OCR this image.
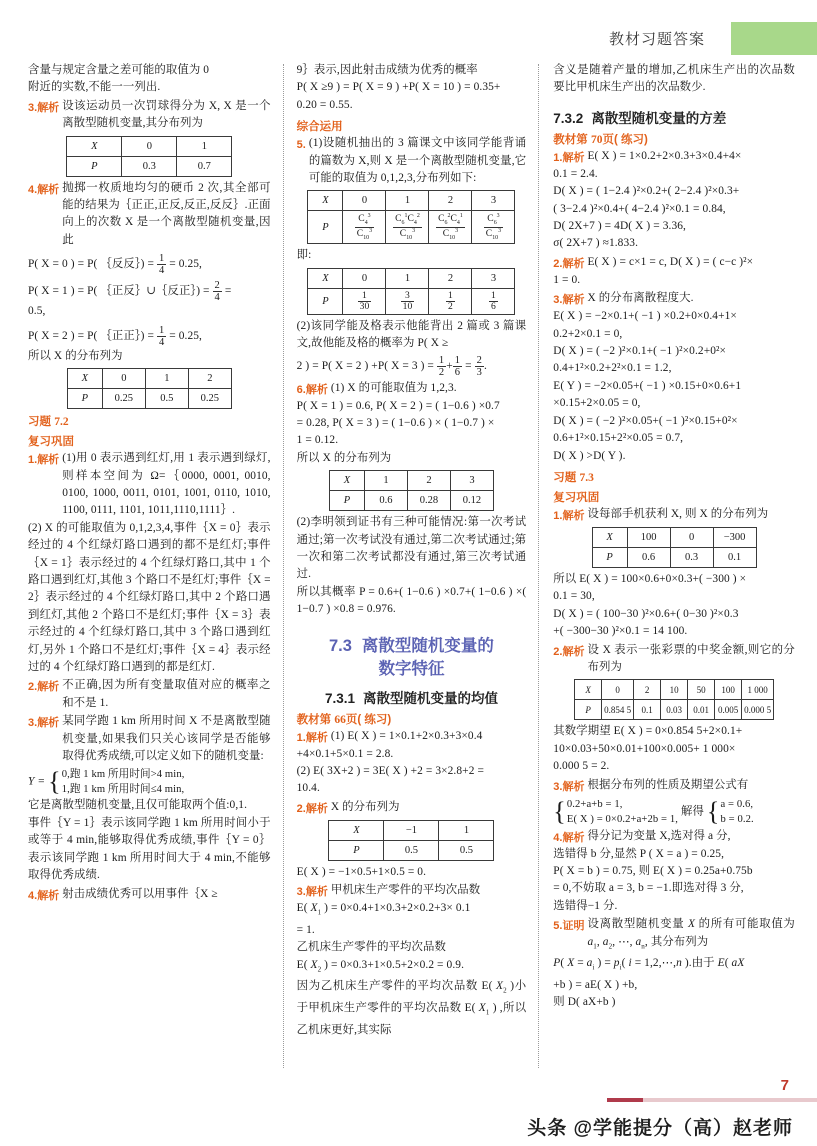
教材习题答案

含量与规定含量之差可能的取值为 0
附近的实数,不能一一列出.

3.解析 设该运动员一次罚球得分为 X, X 是一个离散型随机变量,其分布列为
X	0	1
P	0.3	0.7
4.解析 抛掷一枚质地均匀的硬币 2 次,其全部可能的结果为｛正正,正反,反正,反反｝.正面向上的次数 X 是一个离散型随机变量,因此

P( X = 0 ) = P( ｛反反｝) = $\frac{1}{4} = 0.25$,

P( X = 1 ) = P( ｛正反｝∪｛反正｝) = $\frac{2}{4}$ =

0.5,

P( X = 2 ) = P( ｛正正｝) = $\frac{1}{4} = 0.25$,

所以 X 的分布列为

X	0	1	2
P	0.25	0.5	0.25
习题 7.2
复习巩固
1.解析 (1)用 0 表示遇到红灯,用 1 表示遇到绿灯,则样本空间为 Ω=｛0000, 0001, 0010, 0100, 1000, 0011, 0101, 1001, 0110, 1010, 1100, 0111, 1101, 1011,1110,1111｝.

(2) X 的可能取值为 0,1,2,3,4,事件｛X = 0｝表示经过的 4 个红绿灯路口遇到的都不是红灯;事件｛X = 1｝表示经过的 4 个红绿灯路口,其中 1 个路口遇到红灯,其他 3 个路口不是红灯;事件｛X = 2｝表示经过的 4 个红绿灯路口,其中 2 个路口遇到红灯,其他 2 个路口不是红灯;事件｛X = 3｝表示经过的 4 个红绿灯路口,其中 3 个路口遇到红灯,另外 1 个路口不是红灯;事件｛X = 4｝表示经过的 4 个红绿灯路口遇到的都是红灯.

2.解析 不正确,因为所有变量取值对应的概率之和不是 1.
3.解析 某同学跑 1 km 所用时间 X 不是离散型随机变量,如果我们只关心该同学是否能够取得优秀成绩,可以定义如下的随机变量:

Y = { 0,跑 1 km 所用时间>4 min,
1,跑 1 km 所用时间≤4 min,

它是离散型随机变量,且仅可能取两个值:0,1.

事件｛Y = 1｝表示该同学跑 1 km 所用时间小于或等于 4 min,能够取得优秀成绩,事件｛Y = 0｝表示该同学跑 1 km 所用时间大于 4 min,不能够取得优秀成绩.

4.解析 射击成绩优秀可以用事件｛X ≥

9｝表示,因此射击成绩为优秀的概率
P( X ≥9 ) = P( X = 9 ) +P( X = 10 ) = 0.35+
0.20 = 0.55.

综合运用
5. (1)设随机抽出的 3 篇课文中该同学能背诵的篇数为 X,则 X 是一个离散型随机变量,它可能的取值为 0,1,2,3,分布列如下:
X	0	1	2	3
P	$\frac{C_4^3}{C_{10}^3}$	$\frac{C_6^1C_4^2}{C_{10}^3}$	$\frac{C_6^2C_4^1}{C_{10}^3}$	$\frac{C_6^3}{C_{10}^3}$

即:

X	0	1	2	3
P	$\frac{1}{30}$	$\frac{3}{10}$	$\frac{1}{2}$	$\frac{1}{6}$

(2)该同学能及格表示他能背出 2 篇或 3 篇课文,故他能及格的概率为 P( X ≥

2 ) = P( X = 2 ) +P( X = 3 ) = $\frac{1}{2} + \frac{1}{6} = \frac{2}{3}$ .

6.解析 (1) X 的可能取值为 1,2,3.

P( X = 1 ) = 0.6, P( X = 2 ) = ( 1−0.6 ) ×0.7
= 0.28, P( X = 3 ) = ( 1−0.6 ) × ( 1−0.7 ) ×
1 = 0.12.
所以 X 的分布列为

X	1	2	3
P	0.6	0.28	0.12

(2)李明领到证书有三种可能情况:第一次考试通过;第一次考试没有通过,第二次考试通过;第一次和第二次考试都没有通过,第三次考试通过.

所以其概率 P = 0.6+( 1−0.6 ) ×0.7+( 1−0.6 ) ×( 1−0.7 ) ×0.8 = 0.976.

7.3 离散型随机变量的
数字特征
7.3.1 离散型随机变量的均值
教材第 66页( 练习)
1.解析 (1) E( X ) = 1×0.1+2×0.3+3×0.4

+4×0.1+5×0.1 = 2.8.
(2) E( 3X+2 ) = 3E( X ) +2 = 3×2.8+2 =
10.4.

2.解析 X 的分布列为
X	−1	1
P	0.5	0.5

E( X ) = −1×0.5+1×0.5 = 0.

3.解析 甲机床生产零件的平均次品数

E( $X_1$ ) = 0×0.4+1×0.3+2×0.2+3× 0.1

= 1.

乙机床生产零件的平均次品数

E( $X_2$ ) = 0×0.3+1×0.5+2×0.2 = 0.9.

因为乙机床生产零件的平均次品数 E( $X_2$ )小于甲机床生产零件的平均次品数 E( $X_1$ ) ,所以乙机床更好,其实际

含义是随着产量的增加,乙机床生产出的次品数要比甲机床生产出的次品数少.

7.3.2 离散型随机变量的方差
教材第 70页( 练习)
1.解析 E( X ) = 1×0.2+2×0.3+3×0.4+4×

0.1 = 2.4.
D( X ) = ( 1−2.4 )²×0.2+( 2−2.4 )²×0.3+
( 3−2.4 )²×0.4+( 4−2.4 )²×0.1 = 0.84,
D( 2X+7 ) = 4D( X ) = 3.36,
σ( 2X+7 ) ≈1.833.

2.解析 E( X ) = c×1 = c, D( X ) = ( c−c )²×

1 = 0.

3.解析 X 的分布离散程度大.

E( X ) = −2×0.1+( −1 ) ×0.2+0×0.4+1×
0.2+2×0.1 = 0,
D( X ) = ( −2 )²×0.1+( −1 )²×0.2+0²×
0.4+1²×0.2+2²×0.1 = 1.2,
E( Y ) = −2×0.05+( −1 ) ×0.15+0×0.6+1
×0.15+2×0.05 = 0,
D( X ) = ( −2 )²×0.05+( −1 )²×0.15+0²×
0.6+1²×0.15+2²×0.05 = 0.7,
D( X ) >D( Y ).

习题 7.3
复习巩固
1.解析 设每部手机获利 X, 则 X 的分布列为
X	100	0	−300
P	0.6	0.3	0.1

所以 E( X ) = 100×0.6+0×0.3+( −300 ) ×
0.1 = 30,
D( X ) = ( 100−30 )²×0.6+( 0−30 )²×0.3
+( −300−30 )²×0.1 = 14 100.

2.解析 设 X 表示一张彩票的中奖金额,则它的分布列为
X	0	2	10	50	100	1 000
P	0.854 5	0.1	0.03	0.01	0.005	0.000 5

其数学期望 E( X ) = 0×0.854 5+2×0.1+
10×0.03+50×0.01+100×0.005+ 1 000×
0.000 5 = 2.

3.解析 根据分布列的性质及期望公式有

{ 0.2+a+b = 1,
E( X ) = 0×0.2+a+2b = 1,
解得 { a = 0.6,
b = 0.2.

4.解析 得分记为变量 X,选对得 a 分,

选错得 b 分,显然 P ( X = a ) = 0.25,
P( X = b ) = 0.75, 则 E( X ) = 0.25a+0.75b
= 0,不妨取 a = 3, b = −1.即选对得 3 分,
选错得−1 分.

5.证明 设离散型随机变量 X 的所有可能取值为 $a_1$, $a_2$, ⋯, $a_n$, 其分布列为

P( $X = a_i$ ) = $p_i$( i = 1,2,⋯,n ).由于 E( aX

+b ) = aE( X ) +b,

则 D( aX+b )

7
头条 @学能提分（高）赵老师
